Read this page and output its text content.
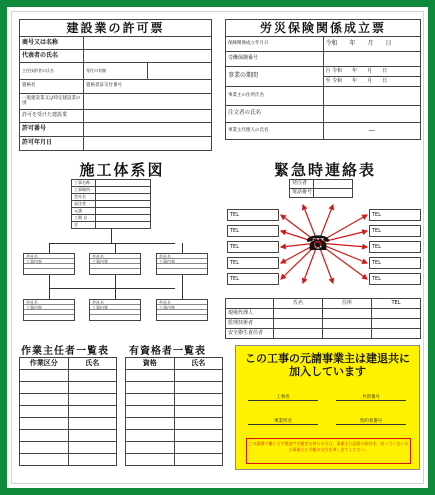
建設業の許可票		
商号又は名称		
代表者の氏名		
主任技術者の氏名	専任の有無	
資格名	資格者証交付番号	
一般建設業又は特定建設業の別		
許可を受けた建設業		
許可番号		
許可年月日		
労災保険関係成立票	
保険関係成立年月日	令和　　年　　月　　日
労働保険番号	
事業の期間	自 令和　　年　　月　　日
	至 令和　　年　　月　　日
事業主の住所氏名	
注文者の氏名	
事業主代理人の氏名	―
施工体系図
工事名称	
工事場所	
会社名	
発注者	
元請	
工期 自	
至	
会社名
工事内容
会社名
工事内容
会社名
工事内容
会社名
工事内容
会社名
工事内容
会社名
工事内容
緊急時連絡表
発注者	
電話番号	
☎
TEL	TEL
TEL	TEL
TEL	TEL
TEL	TEL
TEL	TEL
	氏名	住所	TEL
現場代理人			
監理技術者			
安全衛生責任者			
作業主任者一覧表
作業区分	氏名

有資格者一覧表
資格	氏名

		この工事の元請事業主は建退共に加入しています
工事名	共済番号
事業所名	契約者番号
この現場で働く方で建退共手帳をお持ちの方は、事業主に証紙の貼付を、持っていない方は事業主に手帳の交付を申し出てください。
